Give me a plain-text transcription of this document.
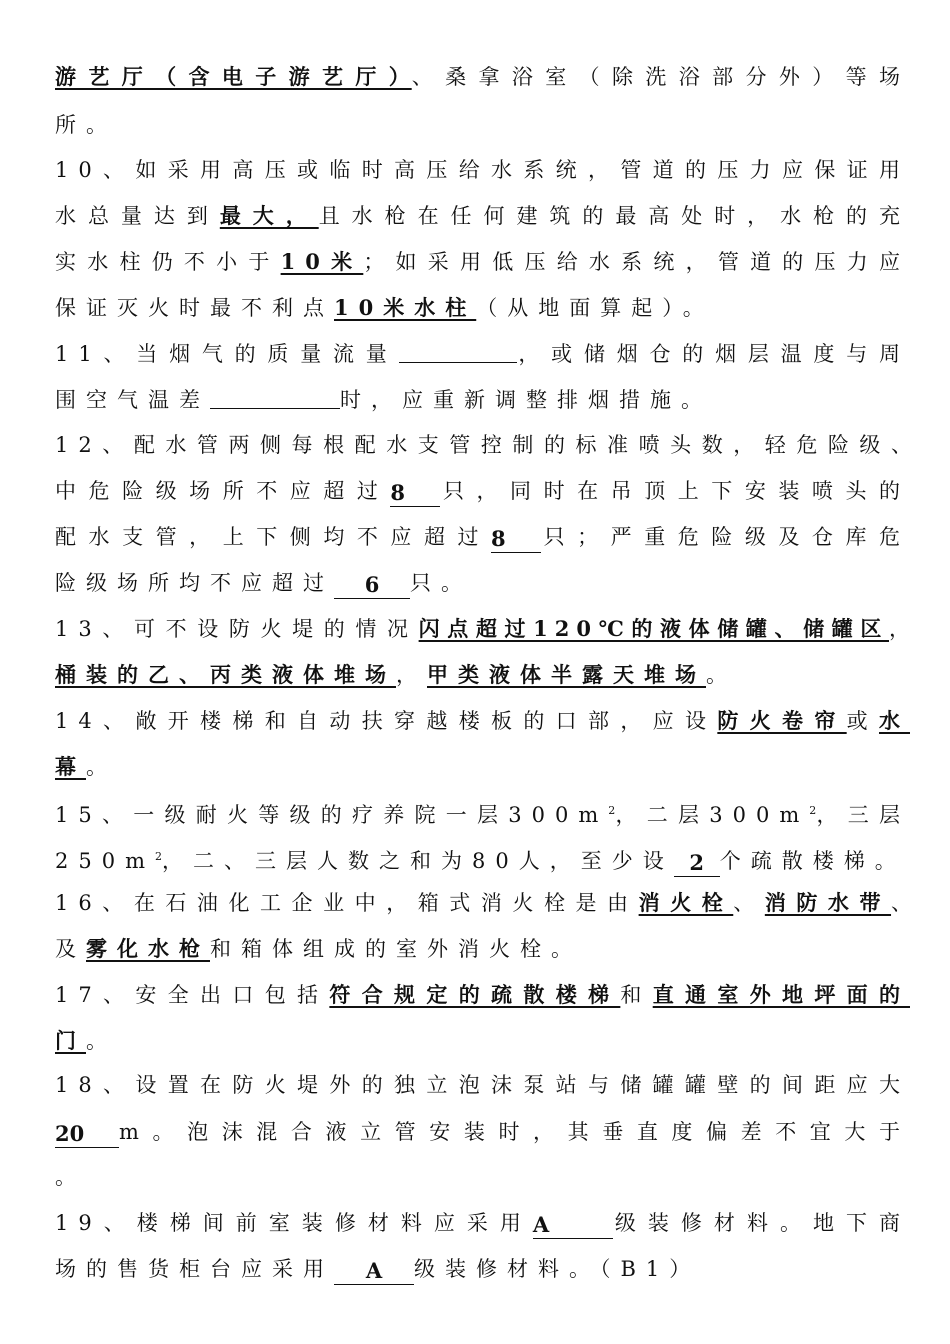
游艺厅（含电子游艺厅）、桑拿浴室（除洗浴部分外）等场
所。
10、如采用高压或临时高压给水系统，管道的压力应保证用
水总量达到最大，且水枪在任何建筑的最高处时，水枪的充
实水柱仍不小于10米；如采用低压给水系统，管道的压力应
保证灭火时最不利点10米水柱（从地面算起）。
11、当烟气的质量流量	，或储烟仓的烟层温度与周
围空气温差	时，应重新调整排烟措施。
12、配水管两侧每根配水支管控制的标准喷头数，轻危险级、
中危险级场所不应超过8 只，同时在吊顶上下安装喷头的
配水支管，上下侧均不应超过8 只；严重危险级及仓库危
险级场所均不应超过 6 只。
13、可不设防火堤的情况闪点超过120℃的液体储罐、储罐区，
桶装的乙、丙类液体堆场，甲类液体半露天堆场。
14、敞开楼梯和自动扶穿越楼板的口部，应设防火卷帘或水
幕。
15、一级耐火等级的疗养院一层$300m^2$，二层$300m^2$，三层
$250m^2$，二、三层人数之和为80人，至少设 2 个疏散楼梯。
16、在石油化工企业中，箱式消火栓是由消火栓、消防水带、
及雾化水枪和箱体组成的室外消火栓。
17、安全出口包括符合规定的疏散楼梯和直通室外地坪面的
门。
18、设置在防火堤外的独立泡沫泵站与储罐罐壁的间距应大
20 m。泡沫混合液立管安装时，其垂直度偏差不宜大于
。
19、楼梯间前室装修材料应采用A	级装修材料。地下商
场的售货柜台应采用 A 级装修材料。（B1）
